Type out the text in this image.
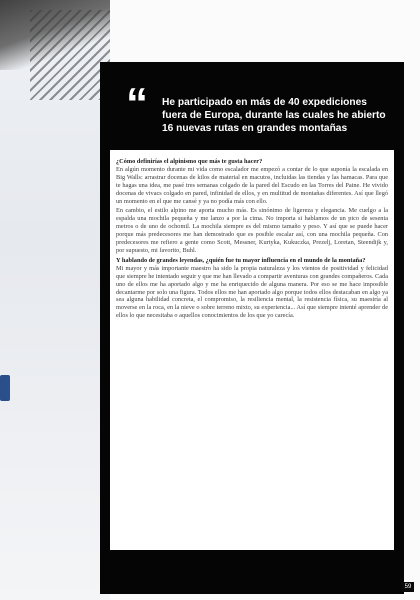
“ He participado en más de 40 expediciones fuera de Europa, durante las cuales he abierto 16 nuevas rutas en grandes montañas

¿Cómo definirías el alpinismo que más te gusta hacer?

En algún momento durante mi vida como escalador me empezó a contar de lo que suponía la escalada en Big Walls: arrastrar docenas de kilos de material en macutos, incluidas las tiendas y las hamacas. Para que te hagas una idea, me pasé tres semanas colgado de la pared del Escudo en las Torres del Paine. He vivido docenas de vivacs colgado en pared, infinidad de ellos, y en multitud de montañas diferentes. Así que llegó un momento en el que me cansé y ya no podía más con ello.

En cambio, el estilo alpino me aporta mucho más. Es sinónimo de ligereza y elegancia. Me cuelgo a la espalda una mochila pequeña y me lanzo a por la cima. No importa si hablamos de un pico de sesenta metros o de uno de ochomil. La mochila siempre es del mismo tamaño y peso. Y así que se puede hacer porque más predecesores me han demostrado que es posible escalar así, con una mochila pequeña. Con predecesores me refiero a gente como Scott, Messner, Kurtyka, Kukuczka, Prezelj, Loretan, Steendijk y, por supuesto, mi favorito, Buhl.

Y hablando de grandes leyendas, ¿quién fue tu mayor influencia en el mundo de la montaña?

Mi mayor y más importante maestro ha sido la propia naturaleza y los vientos de positividad y felicidad que siempre he intentado seguir y que me han llevado a compartir aventuras con grandes compañeros. Cada uno de ellos me ha aportado algo y me ha enriquecido de alguna manera. Por eso se me hace imposible decantarme por solo una figura. Todos ellos me han aportado algo porque todos ellos destacaban en algo ya sea alguna habilidad concreta, el compromiso, la resiliencia mental, la resistencia física, su maestría al moverse en la roca, en la nieve o sobre terreno mixto, su experiencia... Así que siempre intenté aprender de ellos lo que necesitaba o aquellos conocimientos de los que yo carecía.

59
